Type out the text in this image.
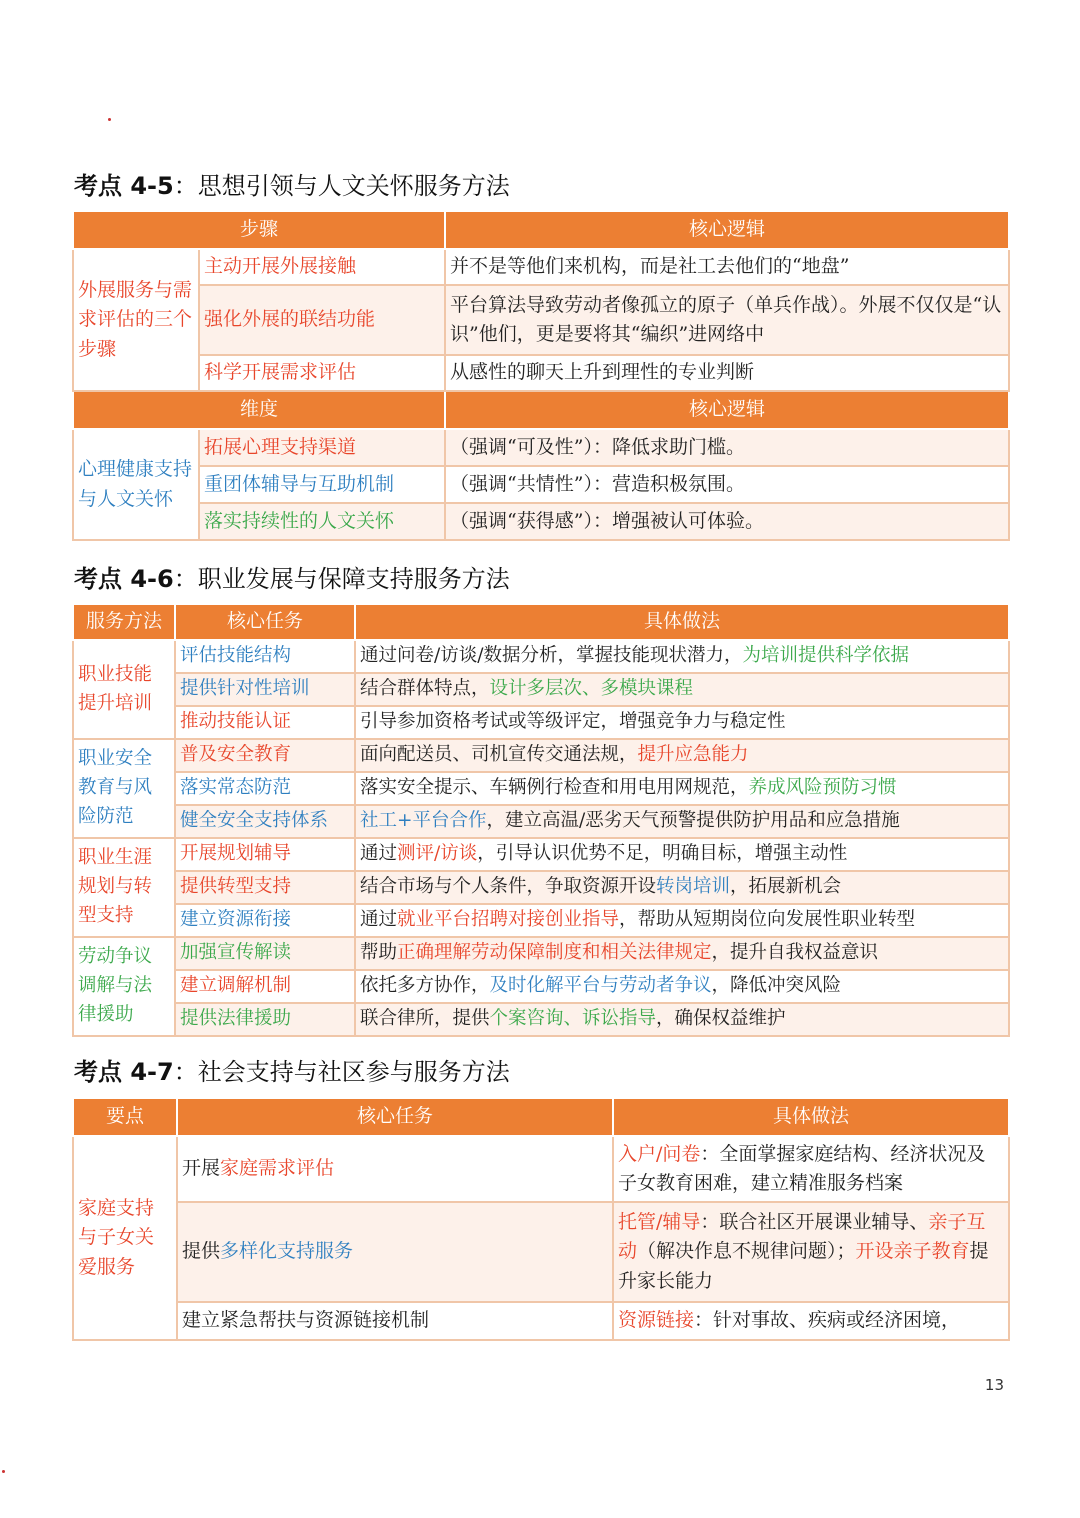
考点 4-5：思想引领与人文关怀服务方法
步骤		核心逻辑
外展服务与需求评估的三个步骤	主动开展外展接触	并不是等他们来机构，而是社工去他们的“地盘”
	强化外展的联结功能	平台算法导致劳动者像孤立的原子（单兵作战）。外展不仅仅是“认识”他们，更是要将其“编织”进网络中
	科学开展需求评估	从感性的聊天上升到理性的专业判断
维度		核心逻辑
心理健康支持与人文关怀	拓展心理支持渠道	（强调“可及性”）：降低求助门槛。
	重团体辅导与互助机制	（强调“共情性”）：营造积极氛围。
	落实持续性的人文关怀	（强调“获得感”）：增强被认可体验。
考点 4-6：职业发展与保障支持服务方法
服务方法	核心任务	具体做法
职业技能提升培训	评估技能结构	通过问卷/访谈/数据分析，掌握技能现状潜力，为培训提供科学依据
	提供针对性培训	结合群体特点，设计多层次、多模块课程
	推动技能认证	引导参加资格考试或等级评定，增强竞争力与稳定性
职业安全教育与风险防范	普及安全教育	面向配送员、司机宣传交通法规，提升应急能力
	落实常态防范	落实安全提示、车辆例行检查和用电用网规范，养成风险预防习惯
	健全安全支持体系	社工+平台合作，建立高温/恶劣天气预警提供防护用品和应急措施
职业生涯规划与转型支持	开展规划辅导	通过测评/访谈，引导认识优势不足，明确目标，增强主动性
	提供转型支持	结合市场与个人条件，争取资源开设转岗培训，拓展新机会
	建立资源衔接	通过就业平台招聘对接创业指导，帮助从短期岗位向发展性职业转型
劳动争议调解与法律援助	加强宣传解读	帮助正确理解劳动保障制度和相关法律规定，提升自我权益意识
	建立调解机制	依托多方协作，及时化解平台与劳动者争议，降低冲突风险
	提供法律援助	联合律所，提供个案咨询、诉讼指导，确保权益维护
考点 4-7：社会支持与社区参与服务方法
要点	核心任务	具体做法
家庭支持与子女关爱服务	开展家庭需求评估	入户/问卷：全面掌握家庭结构、经济状况及子女教育困难，建立精准服务档案
	提供多样化支持服务	托管/辅导：联合社区开展课业辅导、亲子互动（解决作息不规律问题）；开设亲子教育提升家长能力
	建立紧急帮扶与资源链接机制	资源链接：针对事故、疾病或经济困境，
13
